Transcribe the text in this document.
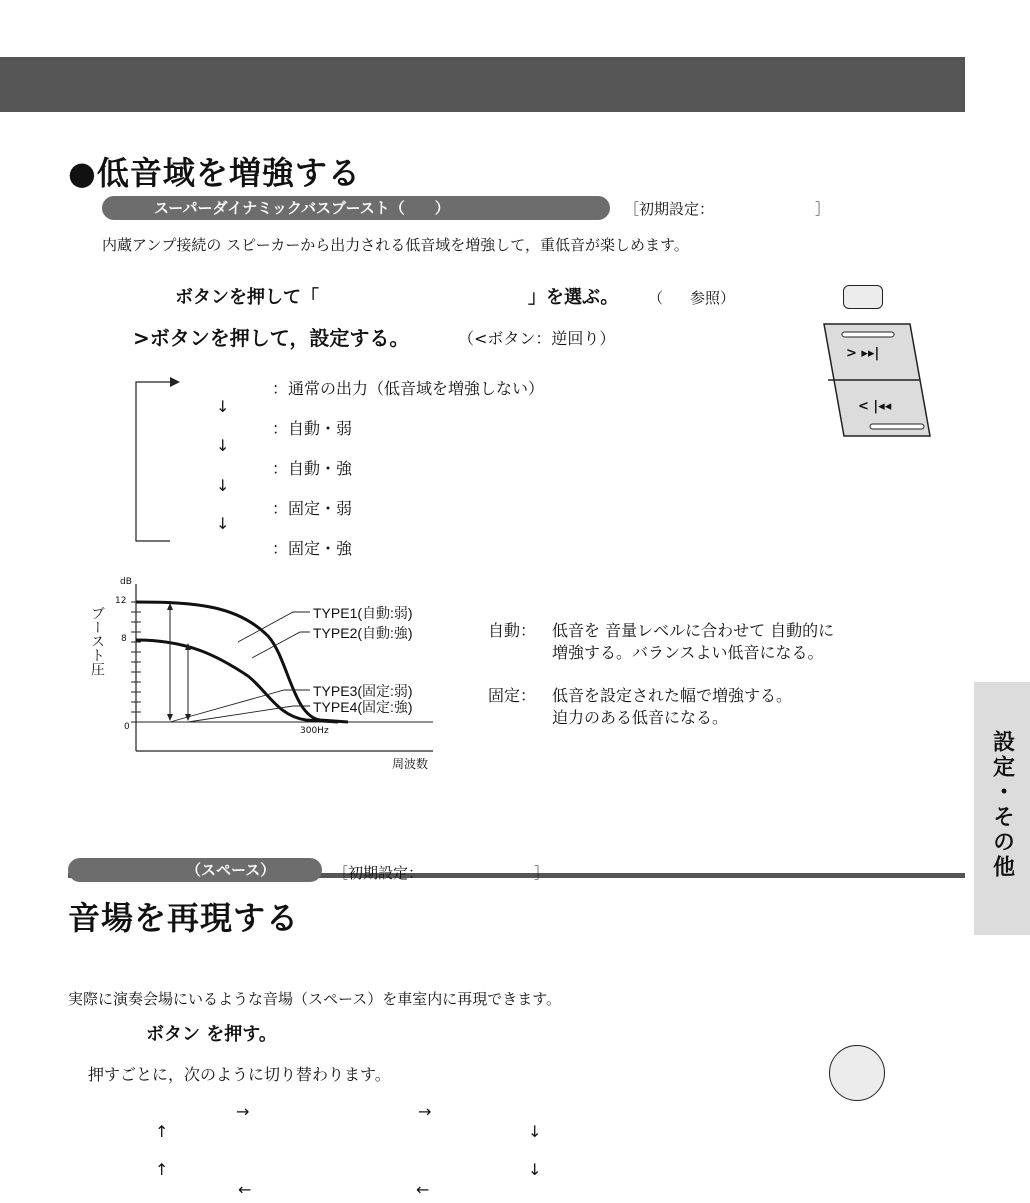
●低音域を増強する
スーパーダイナミックバスブースト（　　）	［初期設定：	］
内蔵アンプ接続の スピーカーから出力される低音域を増強して，重低音が楽しめます。
ボタンを押して「	」を選ぶ。 （ 参照）
>ボタンを押して，設定する。	（<ボタン：逆回り）
> ▸▸|
< |◂◂
：通常の出力（低音域を増強しない）
↓
：自動・弱
↓
：自動・強
↓
：固定・弱
↓
：固定・強
dB
12
8
0
ブースト圧	TYPE1(自動:弱)
TYPE2(自動:強)
TYPE3(固定:弱)
TYPE4(固定:強)
300Hz
周波数
自動： 低音を 音量レベルに合わせて 自動的に
増強する。バランスよい低音になる。
固定： 低音を設定された幅で増強する。
迫力のある低音になる。
設定・その他
音場を再現する
（スペース）	［初期設定：	］
実際に演奏会場にいるような音場（スペース）を車室内に再現できます。
ボタン を押す。
押すごとに，次のように切り替わります。
→	→
↑	↓
↑	↓
←	←
